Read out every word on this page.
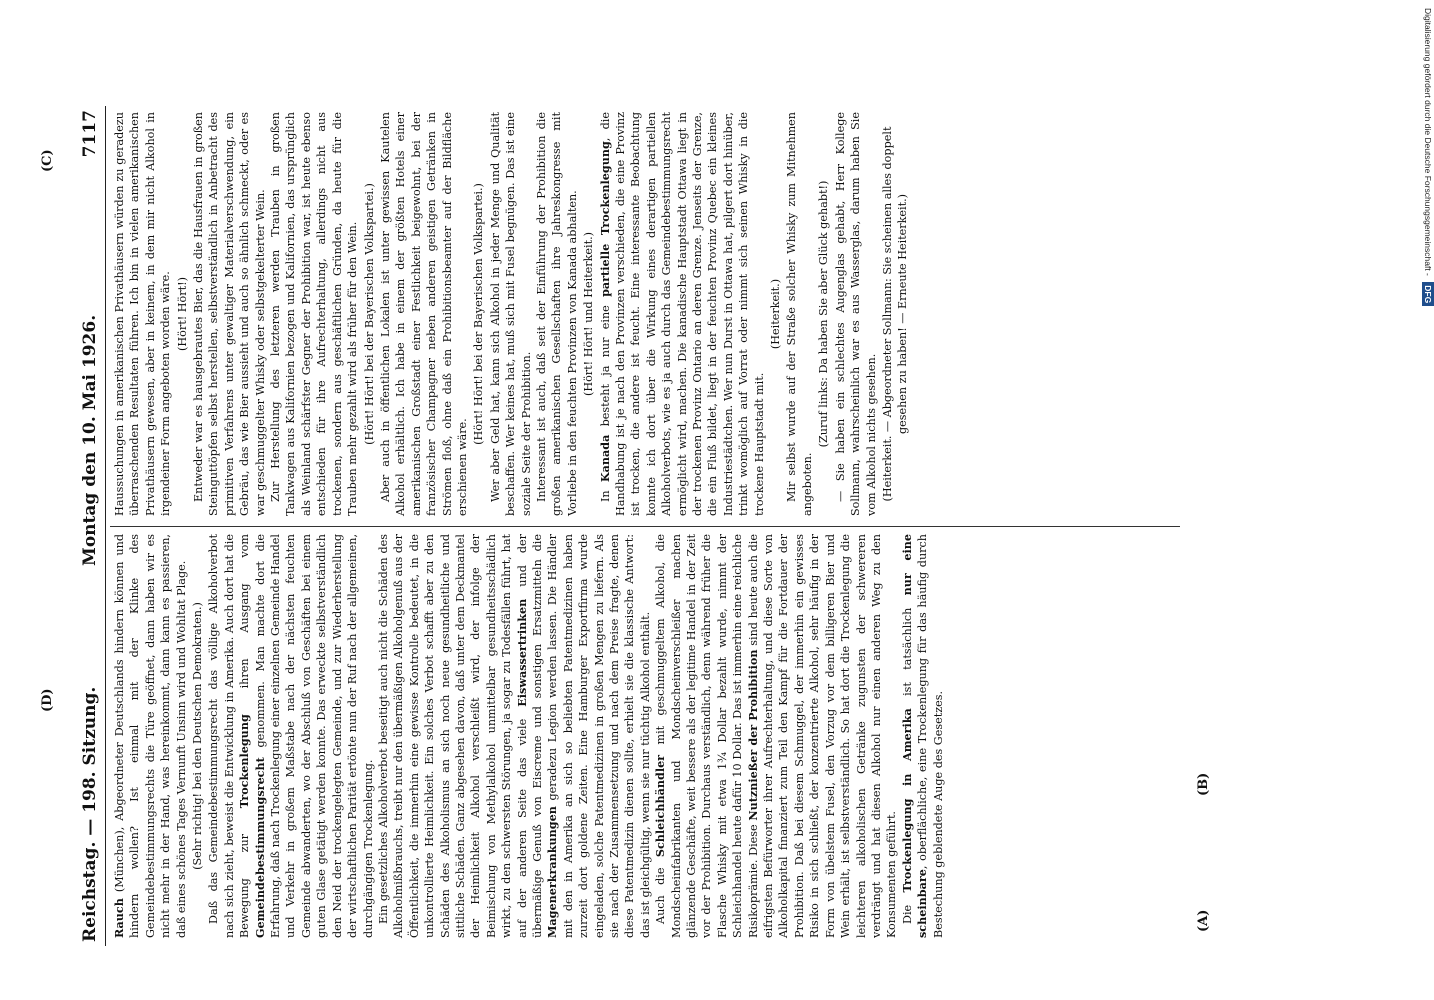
Reichstag. — 198. Sitzung.
Montag den 10. Mai 1926.
7117
(A)
(B)
(C)
(D)

Rauch (München), Abgeordneter Deutschlands hindern können und hindern wollen? Ist einmal mit der Klinke des Gemeindebestimmungsrechts die Türe geöffnet, dann haben wir es nicht mehr in der Hand, was hereinkommt, dann kann es passieren, daß eines schönes Tages Vernunft Unsinn wird und Wohltat Plage. (Sehr richtig! bei den Deutschen Demokraten.) Daß das Gemeindebestimmungsrecht das völlige Alkoholverbot nach sich zieht, beweist die Entwicklung in Amerika. Auch dort hat die Bewegung zur Trockenlegung ihren Ausgang vom Gemeindebestimmungsrecht genommen. Man machte dort die Erfahrung, daß nach Trockenlegung einer einzelnen Gemeinde Handel und Verkehr in großem Maßstabe nach der nächsten feuchten Gemeinde abwanderten, wo der Abschluß von Geschäften bei einem guten Glase getätigt werden konnte. Das erweckte selbstverständlich den Neid der trockengelegten Gemeinde, und zur Wiederherstellung der wirtschaftlichen Parität ertönte nun der Ruf nach der allgemeinen, durchgängigen Trockenlegung. Ein gesetzliches Alkoholverbot beseitigt auch nicht die Schäden des Alkoholmißbrauchs, treibt nur den übermäßigen Alkoholgenuß aus der Öffentlichkeit, die immerhin eine gewisse Kontrolle bedeutet, in die unkontrollierte Heimlichkeit. Ein solches Verbot schafft aber zu den Schäden des Alkoholismus an sich noch neue gesundheitliche und sittliche Schäden. Ganz abgesehen davon, daß unter dem Deckmantel der Heimlichkeit Alkohol verschleißt wird, der infolge der Beimischung von Methylalkohol unmittelbar gesundheitsschädlich wirkt, zu den schwersten Störungen, ja sogar zu Todesfällen führt, hat auf der anderen Seite das viele Eiswassertrinken und der übermäßige Genuß von Eiscreme und sonstigen Ersatzmitteln die Magenerkrankungen geradezu Legion werden lassen. Die Händler mit den in Amerika an sich so beliebten Patentmedizinen haben zurzeit dort goldene Zeiten. Eine Hamburger Exportfirma wurde eingeladen, solche Patentmedizinen in großen Mengen zu liefern. Als sie nach der Zusammensetzung und nach dem Preise fragte, denen diese Patentmedizin dienen sollte, erhielt sie die klassische Antwort: das ist gleichgültig, wenn sie nur tüchtig Alkohol enthält. Auch die Schleichhändler mit geschmuggeltem Alkohol, die Mondscheinfabrikanten und Mondscheinverschleißer machen glänzende Geschäfte, weit bessere als der legitime Handel in der Zeit vor der Prohibition. Durchaus verständlich, denn während früher die Flasche Whisky mit etwa 1¾ Dollar bezahlt wurde, nimmt der Schleichhandel heute dafür 10 Dollar. Das ist immerhin eine reichliche Risikoprämie. Diese Nutznießer der Prohibition sind heute auch die eifrigsten Befürworter ihrer Aufrechterhaltung, und diese Sorte von Alkoholkapital finanziert zum Teil den Kampf für die Fortdauer der Prohibition. Daß bei diesem Schmuggel, der immerhin ein gewisses Risiko in sich schließt, der konzentrierte Alkohol, sehr häufig in der Form von übelstem Fusel, den Vorzug vor dem billigeren Bier und Wein erhält, ist selbstverständlich. So hat dort die Trockenlegung die leichteren alkoholischen Getränke zugunsten der schwereren verdrängt und hat diesen Alkohol nur einen anderen Weg zu den Konsumenten geführt. Die Trockenlegung in Amerika ist tatsächlich nur eine scheinbare, oberflächliche, eine Trockenlegung für das häufig durch Bestechung geblendete Auge des Gesetzes.

Haussuchungen in amerikanischen Privathäusern würden zu geradezu überraschenden Resultaten führen. Ich bin in vielen amerikanischen Privathäusern gewesen, aber in keinem, in dem mir nicht Alkohol in irgendeiner Form angeboten worden wäre. (Hört! Hört!) Entweder war es hausgebrautes Bier, das die Hausfrauen in großen Steinguttöpfen selbst herstellen, selbstverständlich in Anbetracht des primitiven Verfahrens unter gewaltiger Materialverschwendung, ein Gebräu, das wie Bier aussieht und auch so ähnlich schmeckt, oder es war geschmuggelter Whisky oder selbstgekelterter Wein. Zur Herstellung des letzteren werden Trauben in großen Tankwagen aus Kalifornien bezogen und Kalifornien, das ursprünglich als Weinland schärfster Gegner der Prohibition war, ist heute ebenso entschieden für ihre Aufrechterhaltung, allerdings nicht aus trockenen, sondern aus geschäftlichen Gründen, da heute für die Trauben mehr gezahlt wird als früher für den Wein. (Hört! Hört! bei der Bayerischen Volkspartei.) Aber auch in öffentlichen Lokalen ist unter gewissen Kautelen Alkohol erhältlich. Ich habe in einem der größten Hotels einer amerikanischen Großstadt einer Festlichkeit beigewohnt, bei der französischer Champagner neben anderen geistigen Getränken in Strömen floß, ohne daß ein Prohibitionsbeamter auf der Bildfläche erschienen wäre.

(Hört! Hört! bei der Bayerischen Volkspartei.) Wer aber Geld hat, kann sich Alkohol in jeder Menge und Qualität beschaffen. Wer keines hat, muß sich mit Fusel begnügen. Das ist eine soziale Seite der Prohibition. Interessant ist auch, daß seit der Einführung der Prohibition die großen amerikanischen Gesellschaften ihre Jahreskongresse mit Vorliebe in den feuchten Provinzen von Kanada abhalten. (Hört! Hört! und Heiterkeit.)

In Kanada besteht ja nur eine partielle Trockenlegung, die Handhabung ist je nach den Provinzen verschieden, die eine Provinz ist trocken, die andere ist feucht. Eine interessante Beobachtung konnte ich dort über die Wirkung eines derartigen partiellen Alkoholverbots, wie es ja auch durch das Gemeindebestimmungsrecht ermöglicht wird, machen. Die kanadische Hauptstadt Ottawa liegt in der trockenen Provinz Ontario an deren Grenze. Jenseits der Grenze, die ein Fluß bildet, liegt in der feuchten Provinz Quebec ein kleines Industriestädtchen. Wer nun Durst in Ottawa hat, pilgert dort hinüber, trinkt womöglich auf Vorrat oder nimmt sich seinen Whisky in die trockene Hauptstadt mit.

(Heiterkeit.) Mir selbst wurde auf der Straße solcher Whisky zum Mitnehmen angeboten.

(Zuruf links: Da haben Sie aber Glück gehabt!) — Sie haben ein schlechtes Augenglas gehabt, Herr Kollege Sollmann, wahrscheinlich war es aus Wasserglas, darum haben Sie vom Alkohol nichts gesehen. (Heiterkeit. — Abgeordneter Sollmann: Sie scheinen alles doppelt gesehen zu haben! — Erneute Heiterkeit.)

Digitalisierung gefördert durch die Deutsche Forschungsgemeinschaft - DFG
